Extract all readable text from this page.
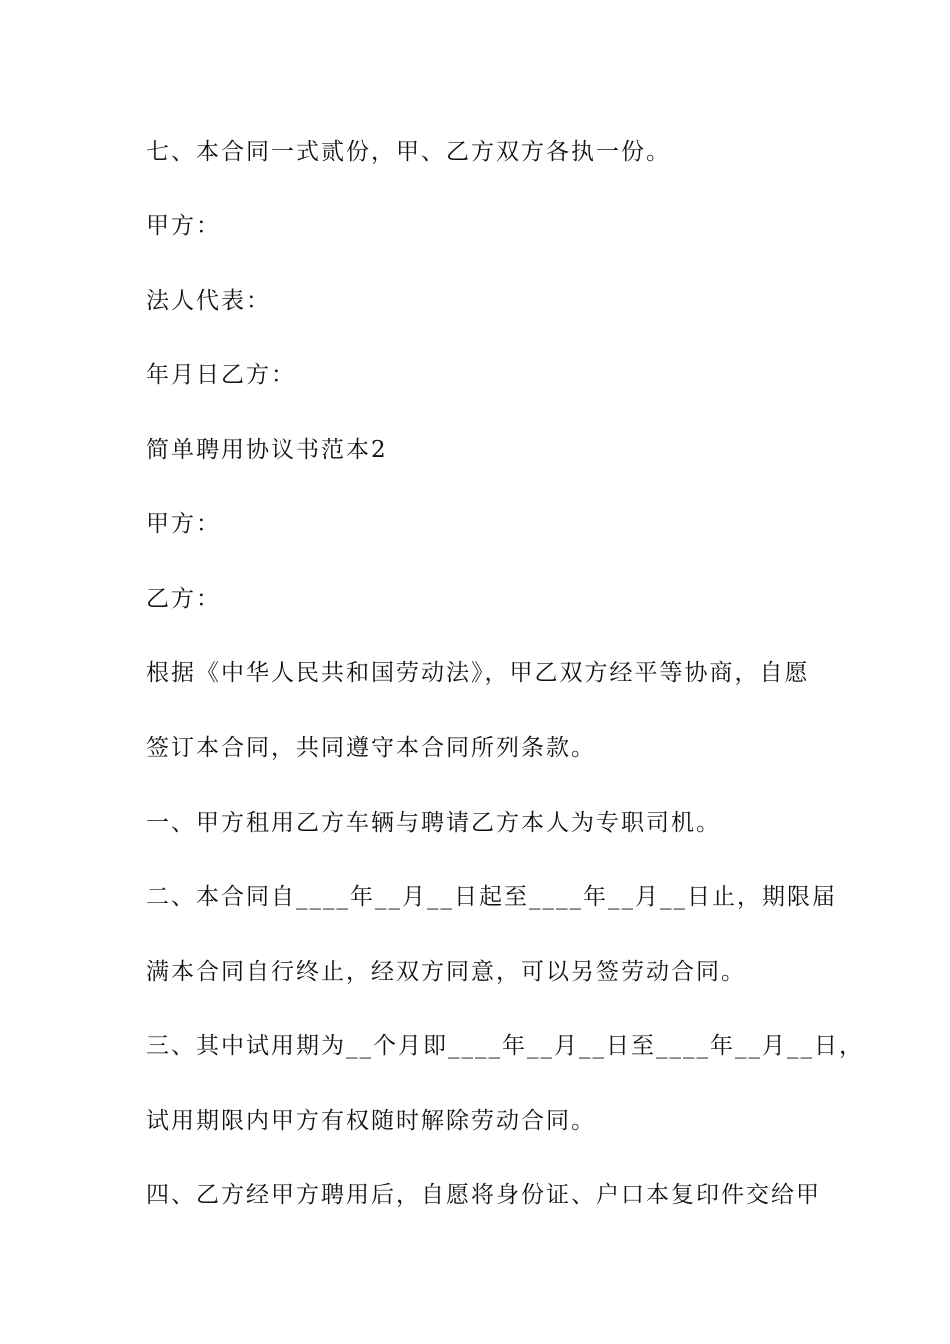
七、本合同一式贰份，甲、乙方双方各执一份。
甲方：
法人代表：
年月日乙方：
简单聘用协议书范本2
甲方：
乙方：
根据《中华人民共和国劳动法》，甲乙双方经平等协商，自愿
签订本合同，共同遵守本合同所列条款。
一、甲方租用乙方车辆与聘请乙方本人为专职司机。
二、本合同自____年__月__日起至____年__月__日止，期限届
满本合同自行终止，经双方同意，可以另签劳动合同。
三、其中试用期为__个月即____年__月__日至____年__月__日，
试用期限内甲方有权随时解除劳动合同。
四、乙方经甲方聘用后，自愿将身份证、户口本复印件交给甲
